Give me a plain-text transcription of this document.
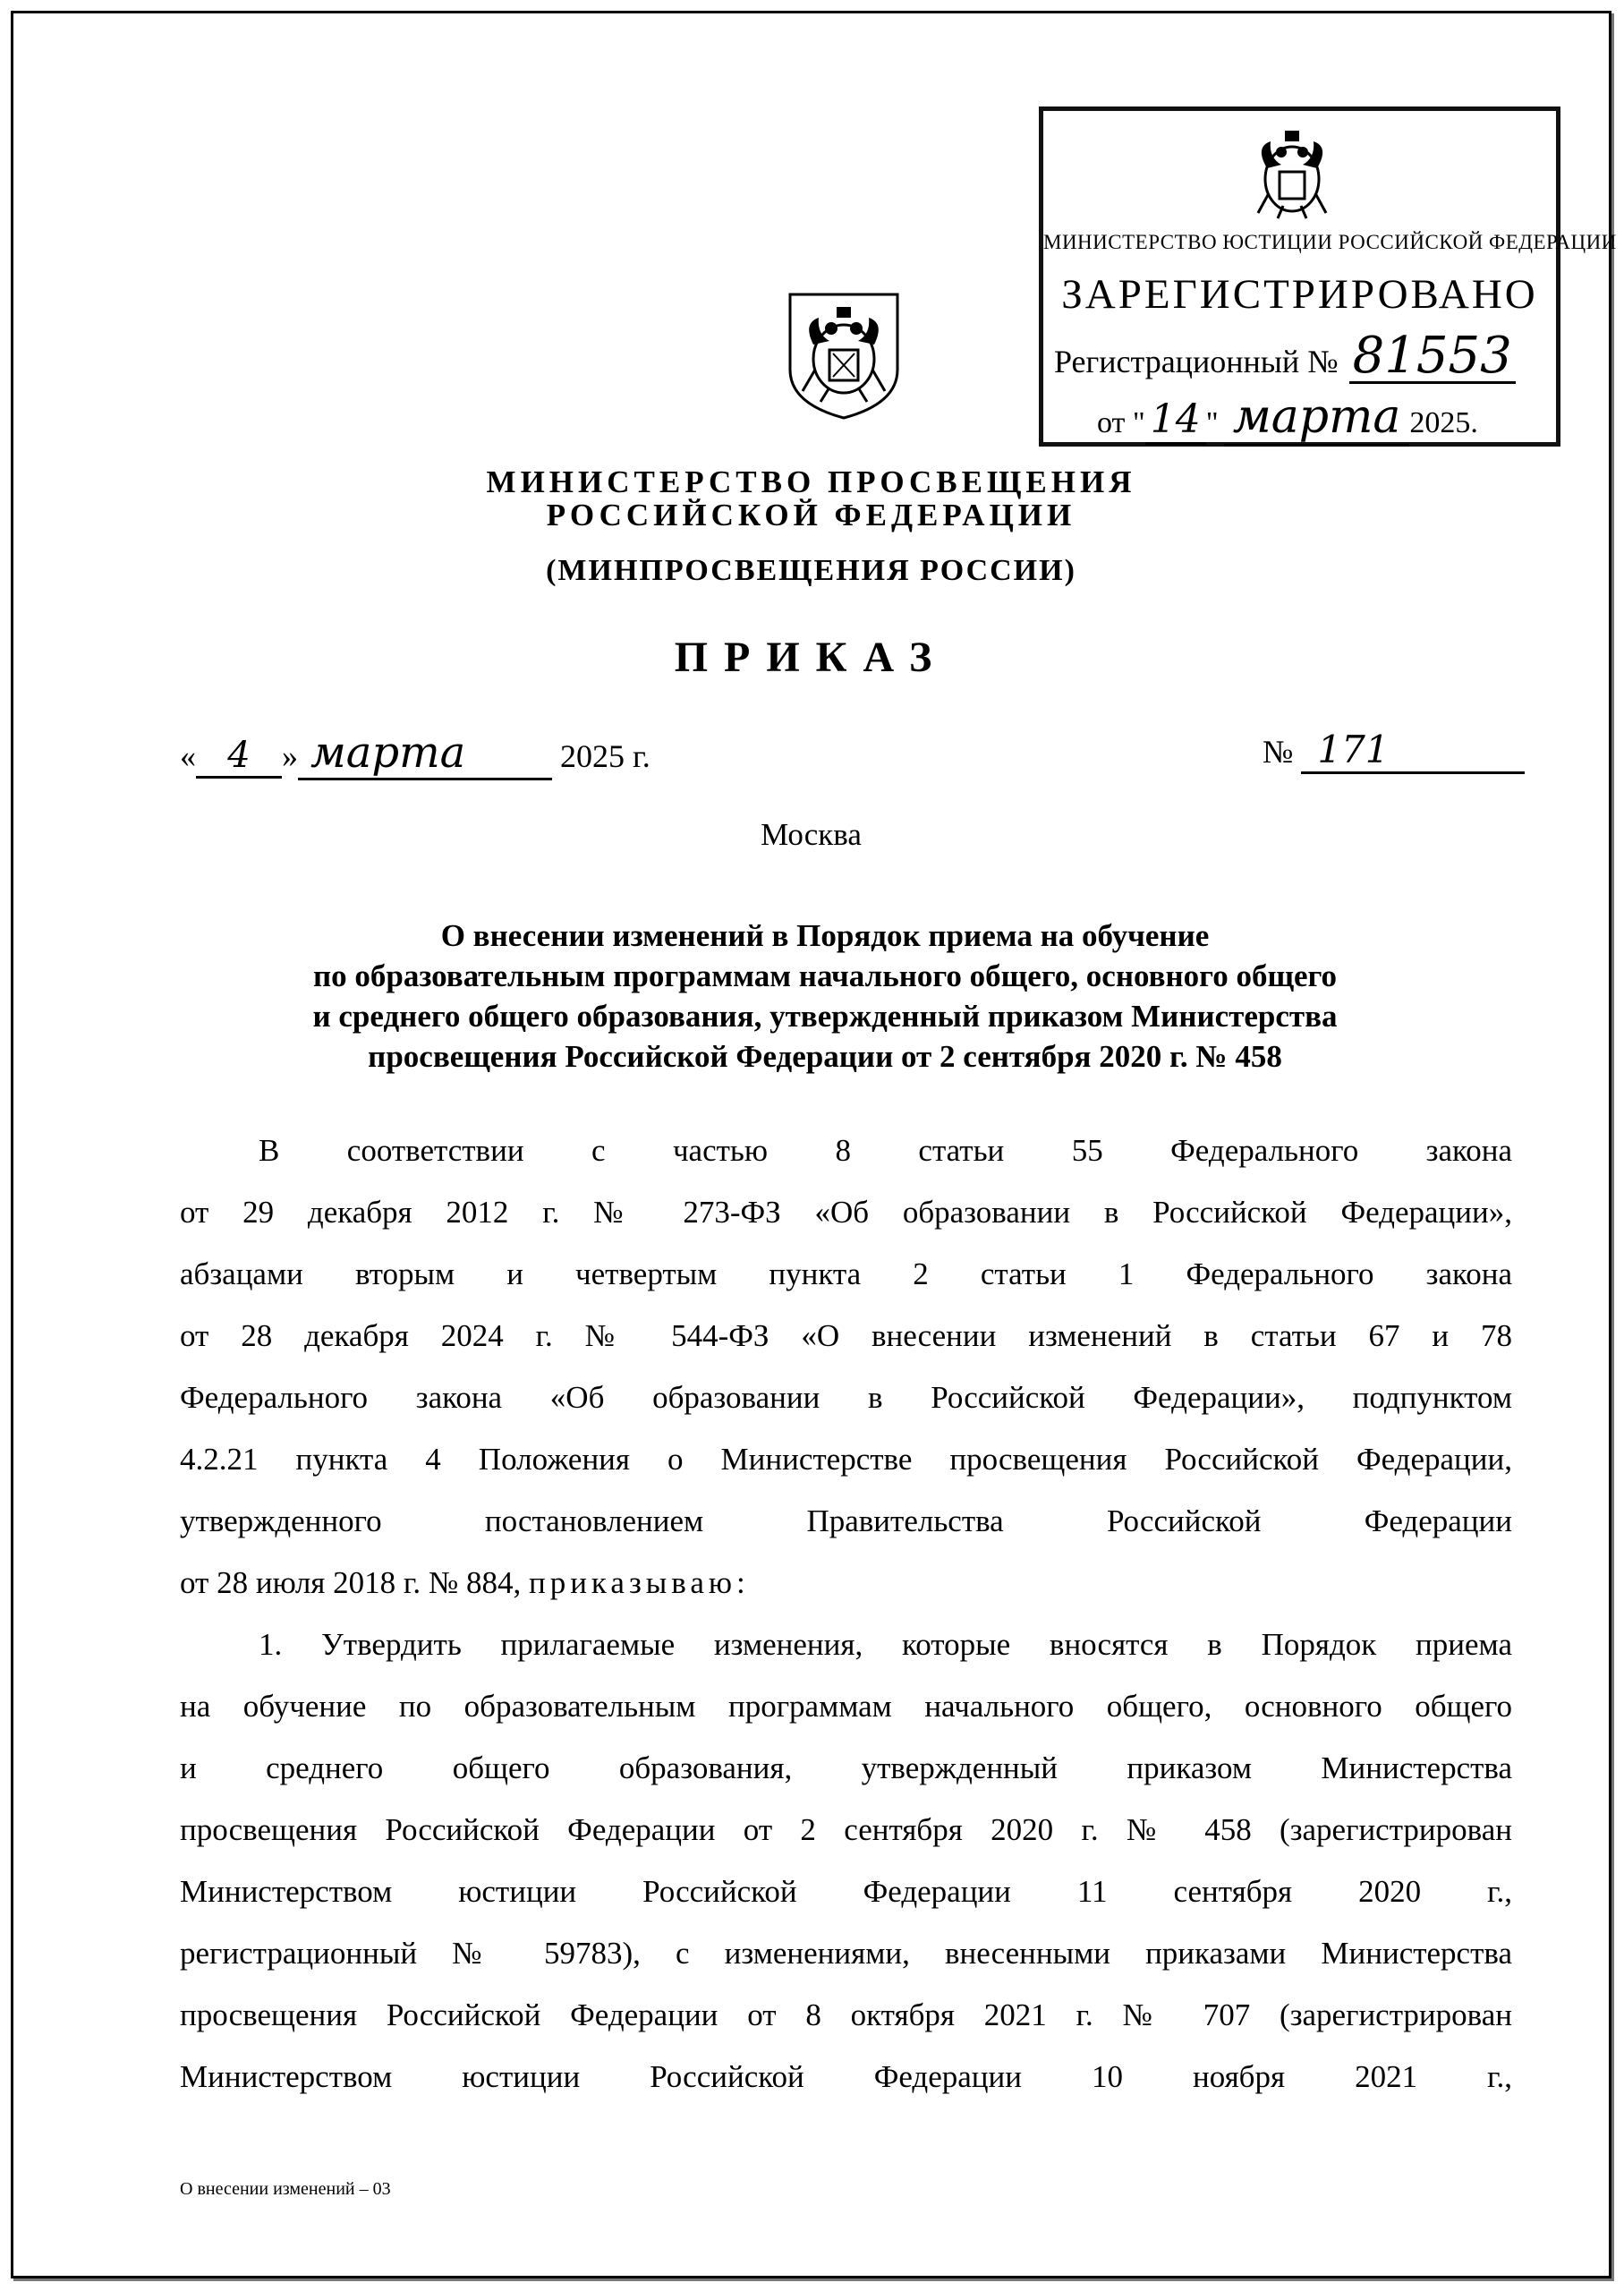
МИНИСТЕРСТВО ЮСТИЦИИ РОССИЙСКОЙ ФЕДЕРАЦИИ
ЗАРЕГИСТРИРОВАНО
Регистрационный № 81553
от " 14 " марта 2025.
МИНИСТЕРСТВО ПРОСВЕЩЕНИЯ
РОССИЙСКОЙ ФЕДЕРАЦИИ
(МИНПРОСВЕЩЕНИЯ РОССИИ)
ПРИКАЗ
« 4 » марта	2025 г.	№ 171
Москва
О внесении изменений в Порядок приема на обучение
по образовательным программам начального общего, основного общего
и среднего общего образования, утвержденный приказом Министерства
просвещения Российской Федерации от 2 сентября 2020 г. № 458
В соответствии с частью 8 статьи 55 Федерального закона
от 29 декабря 2012 г. № 273-ФЗ «Об образовании в Российской Федерации»,
абзацами вторым и четвертым пункта 2 статьи 1 Федерального закона
от 28 декабря 2024 г. № 544-ФЗ «О внесении изменений в статьи 67 и 78
Федерального закона «Об образовании в Российской Федерации», подпунктом
4.2.21 пункта 4 Положения о Министерстве просвещения Российской Федерации,
утвержденного постановлением Правительства Российской Федерации
от 28 июля 2018 г. № 884, приказываю:
1. Утвердить прилагаемые изменения, которые вносятся в Порядок приема
на обучение по образовательным программам начального общего, основного общего
и среднего общего образования, утвержденный приказом Министерства
просвещения Российской Федерации от 2 сентября 2020 г. № 458 (зарегистрирован
Министерством юстиции Российской Федерации 11 сентября 2020 г.,
регистрационный № 59783), с изменениями, внесенными приказами Министерства
просвещения Российской Федерации от 8 октября 2021 г. № 707 (зарегистрирован
Министерством юстиции Российской Федерации 10 ноября 2021 г.,
О внесении изменений – 03
